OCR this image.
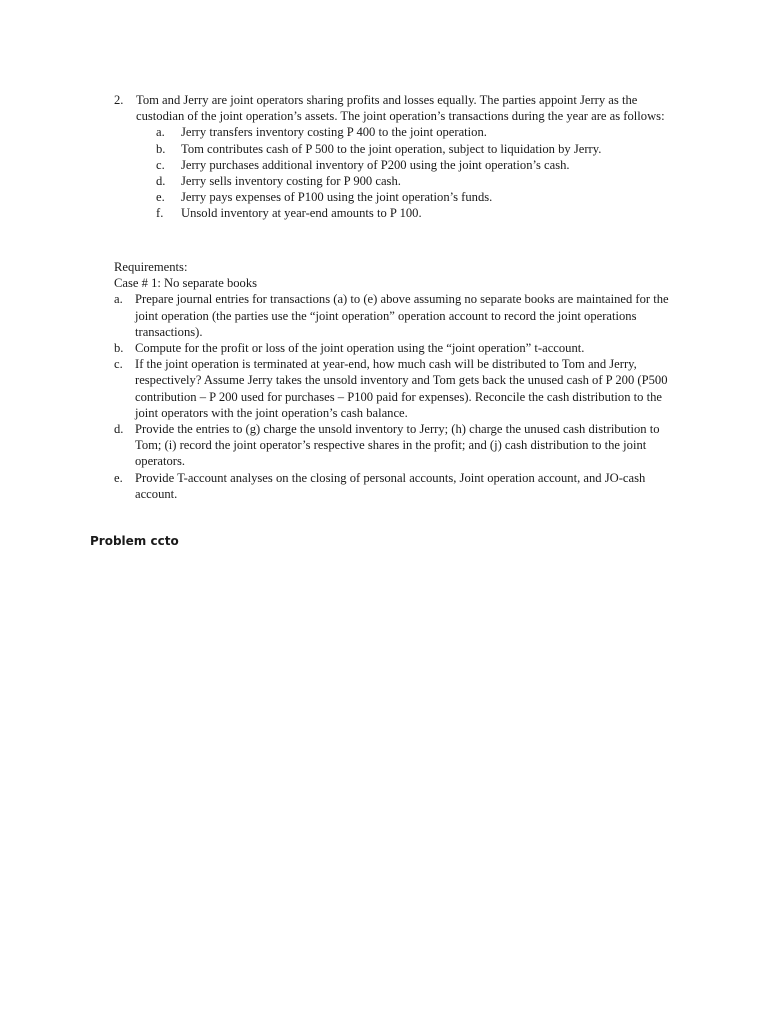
2. Tom and Jerry are joint operators sharing profits and losses equally. The parties appoint Jerry as the custodian of the joint operation’s assets. The joint operation’s transactions during the year are as follows:
a.	Jerry transfers inventory costing P 400 to the joint operation.
b.	Tom contributes cash of P 500 to the joint operation, subject to liquidation by Jerry.
c.	Jerry purchases additional inventory of P200 using the joint operation’s cash.
d.	Jerry sells inventory costing for P 900 cash.
e.	Jerry pays expenses of P100 using the joint operation’s funds.
f.	Unsold inventory at year-end amounts to P 100.
Requirements:
Case # 1: No separate books
a. Prepare journal entries for transactions (a) to (e) above assuming no separate books are maintained for the joint operation (the parties use the “joint operation” operation account to record the joint operations transactions).
b. Compute for the profit or loss of the joint operation using the “joint operation” t-account.
c. If the joint operation is terminated at year-end, how much cash will be distributed to Tom and Jerry, respectively? Assume Jerry takes the unsold inventory and Tom gets back the unused cash of P 200 (P500 contribution – P 200 used for purchases – P100 paid for expenses). Reconcile the cash distribution to the joint operators with the joint operation’s cash balance.
d. Provide the entries to (g) charge the unsold inventory to Jerry; (h) charge the unused cash distribution to Tom; (i) record the joint operator’s respective shares in the profit; and (j) cash distribution to the joint operators.
e. Provide T-account analyses on the closing of personal accounts, Joint operation account, and JO-cash account.
Problem ccto
